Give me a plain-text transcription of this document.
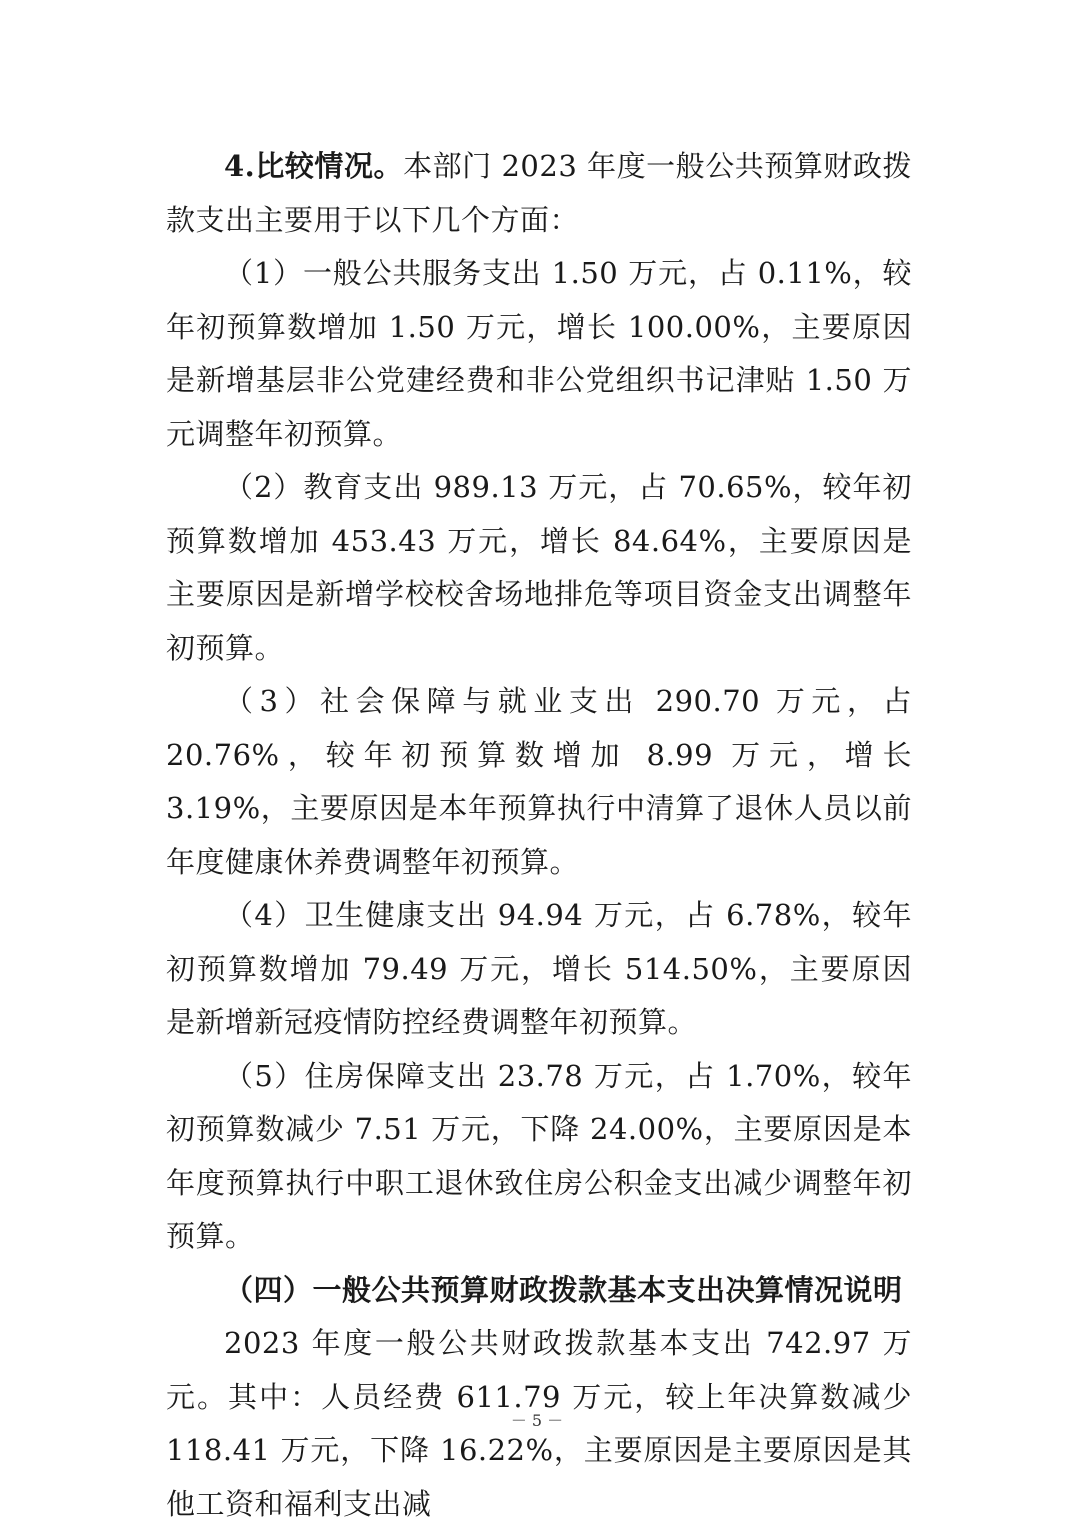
4.比较情况。本部门 2023 年度一般公共预算财政拨款支出主要用于以下几个方面：

（1）一般公共服务支出 1.50 万元，占 0.11%，较年初预算数增加 1.50 万元，增长 100.00%，主要原因是新增基层非公党建经费和非公党组织书记津贴 1.50 万元调整年初预算。

（2）教育支出 989.13 万元，占 70.65%，较年初预算数增加 453.43 万元，增长 84.64%，主要原因是主要原因是新增学校校舍场地排危等项目资金支出调整年初预算。

（3）社会保障与就业支出 290.70 万元，占 20.76%，较年初预算数增加 8.99 万元，增长 3.19%，主要原因是本年预算执行中清算了退休人员以前年度健康休养费调整年初预算。

（4）卫生健康支出 94.94 万元，占 6.78%，较年初预算数增加 79.49 万元，增长 514.50%，主要原因是新增新冠疫情防控经费调整年初预算。

（5）住房保障支出 23.78 万元，占 1.70%，较年初预算数减少 7.51 万元，下降 24.00%，主要原因是本年度预算执行中职工退休致住房公积金支出减少调整年初预算。

（四）一般公共预算财政拨款基本支出决算情况说明

2023 年度一般公共财政拨款基本支出 742.97 万元。其中：人员经费 611.79 万元，较上年决算数减少 118.41 万元，下降 16.22%，主要原因是主要原因是其他工资和福利支出减

－ 5 －
